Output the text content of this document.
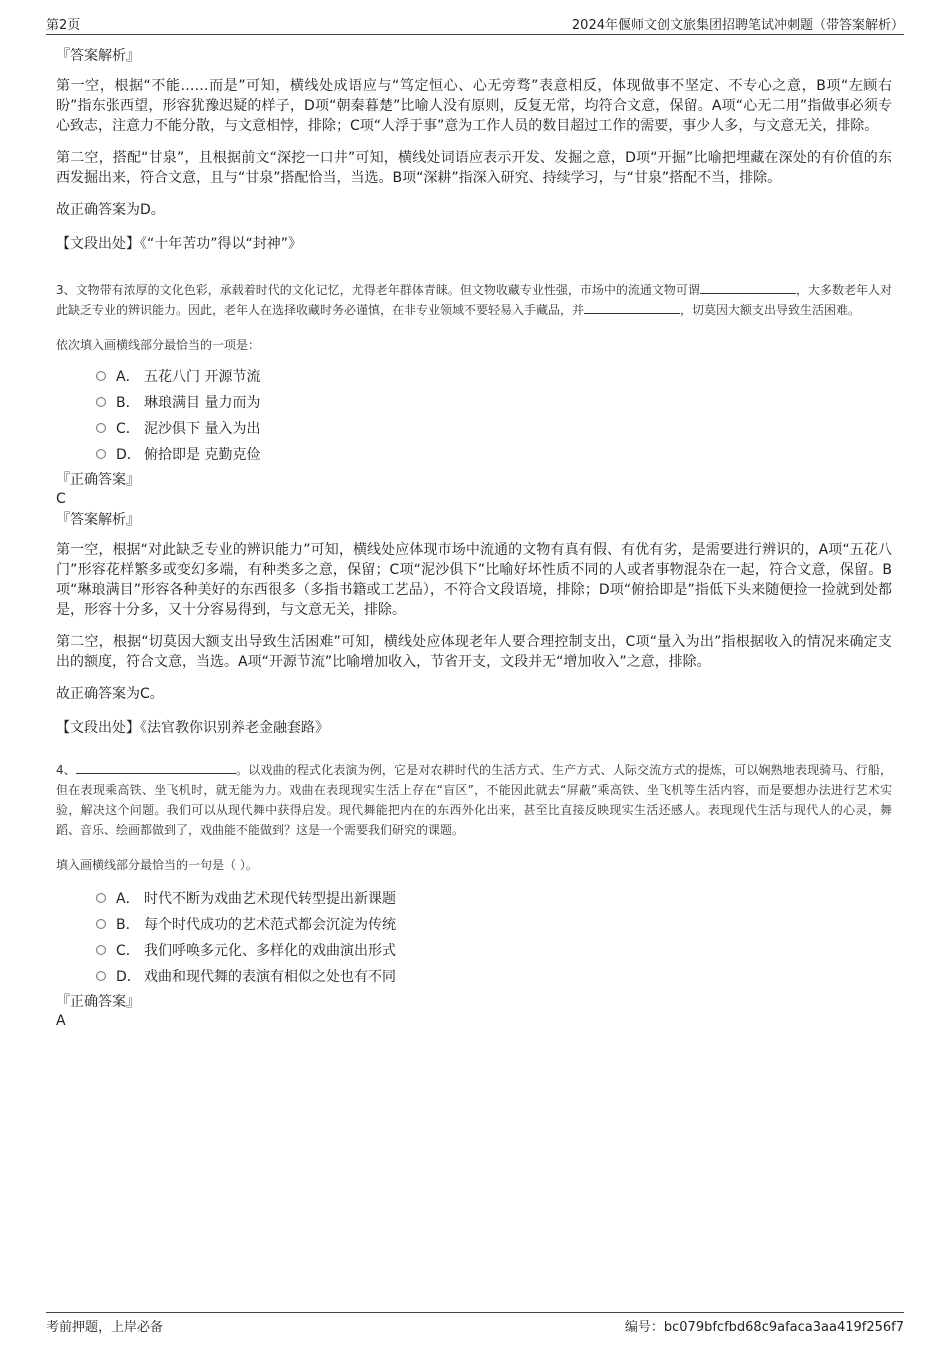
第2页	2024年偃师文创文旅集团招聘笔试冲刺题（带答案解析）

『答案解析』

第一空，根据“不能……而是”可知，横线处成语应与“笃定恒心、心无旁骛”表意相反，体现做事不坚定、不专心之意，B项“左顾右盼”指东张西望，形容犹豫迟疑的样子，D项“朝秦暮楚”比喻人没有原则，反复无常，均符合文意，保留。A项“心无二用”指做事必须专心致志，注意力不能分散，与文意相悖，排除；C项“人浮于事”意为工作人员的数目超过工作的需要，事少人多，与文意无关，排除。

第二空，搭配“甘泉”，且根据前文“深挖一口井”可知，横线处词语应表示开发、发掘之意，D项“开掘”比喻把埋藏在深处的有价值的东西发掘出来，符合文意，且与“甘泉”搭配恰当，当选。B项“深耕”指深入研究、持续学习，与“甘泉”搭配不当，排除。

故正确答案为D。

【文段出处】《“十年苦功”得以“封神”》

3、文物带有浓厚的文化色彩，承载着时代的文化记忆，尤得老年群体青睐。但文物收藏专业性强，市场中的流通文物可谓	，大多数老年人对此缺乏专业的辨识能力。因此，老年人在选择收藏时务必谨慎，在非专业领域不要轻易入手藏品，并	，切莫因大额支出导致生活困难。

依次填入画横线部分最恰当的一项是：

A． 五花八门 开源节流
B． 琳琅满目 量力而为
C． 泥沙俱下 量入为出
D． 俯拾即是 克勤克俭

『正确答案』

C

『答案解析』

第一空，根据“对此缺乏专业的辨识能力”可知，横线处应体现市场中流通的文物有真有假、有优有劣，是需要进行辨识的，A项“五花八门”形容花样繁多或变幻多端，有种类多之意，保留；C项“泥沙俱下”比喻好坏性质不同的人或者事物混杂在一起，符合文意，保留。B项“琳琅满目”形容各种美好的东西很多（多指书籍或工艺品），不符合文段语境，排除；D项“俯拾即是”指低下头来随便捡一捡就到处都是，形容十分多，又十分容易得到，与文意无关，排除。

第二空，根据“切莫因大额支出导致生活困难”可知，横线处应体现老年人要合理控制支出，C项“量入为出”指根据收入的情况来确定支出的额度，符合文意，当选。A项“开源节流”比喻增加收入，节省开支，文段并无“增加收入”之意，排除。

故正确答案为C。

【文段出处】《法官教你识别养老金融套路》

4、	。以戏曲的程式化表演为例，它是对农耕时代的生活方式、生产方式、人际交流方式的提炼，可以娴熟地表现骑马、行船，但在表现乘高铁、坐飞机时，就无能为力。戏曲在表现现实生活上存在“盲区”，不能因此就去“屏蔽”乘高铁、坐飞机等生活内容，而是要想办法进行艺术实验，解决这个问题。我们可以从现代舞中获得启发。现代舞能把内在的东西外化出来，甚至比直接反映现实生活还感人。表现现代生活与现代人的心灵，舞蹈、音乐、绘画都做到了，戏曲能不能做到？这是一个需要我们研究的课题。

填入画横线部分最恰当的一句是（ ）。

A． 时代不断为戏曲艺术现代转型提出新课题
B． 每个时代成功的艺术范式都会沉淀为传统
C． 我们呼唤多元化、多样化的戏曲演出形式
D． 戏曲和现代舞的表演有相似之处也有不同

『正确答案』

A

考前押题，上岸必备	编号：bc079bfcfbd68c9afaca3aa419f256f7
